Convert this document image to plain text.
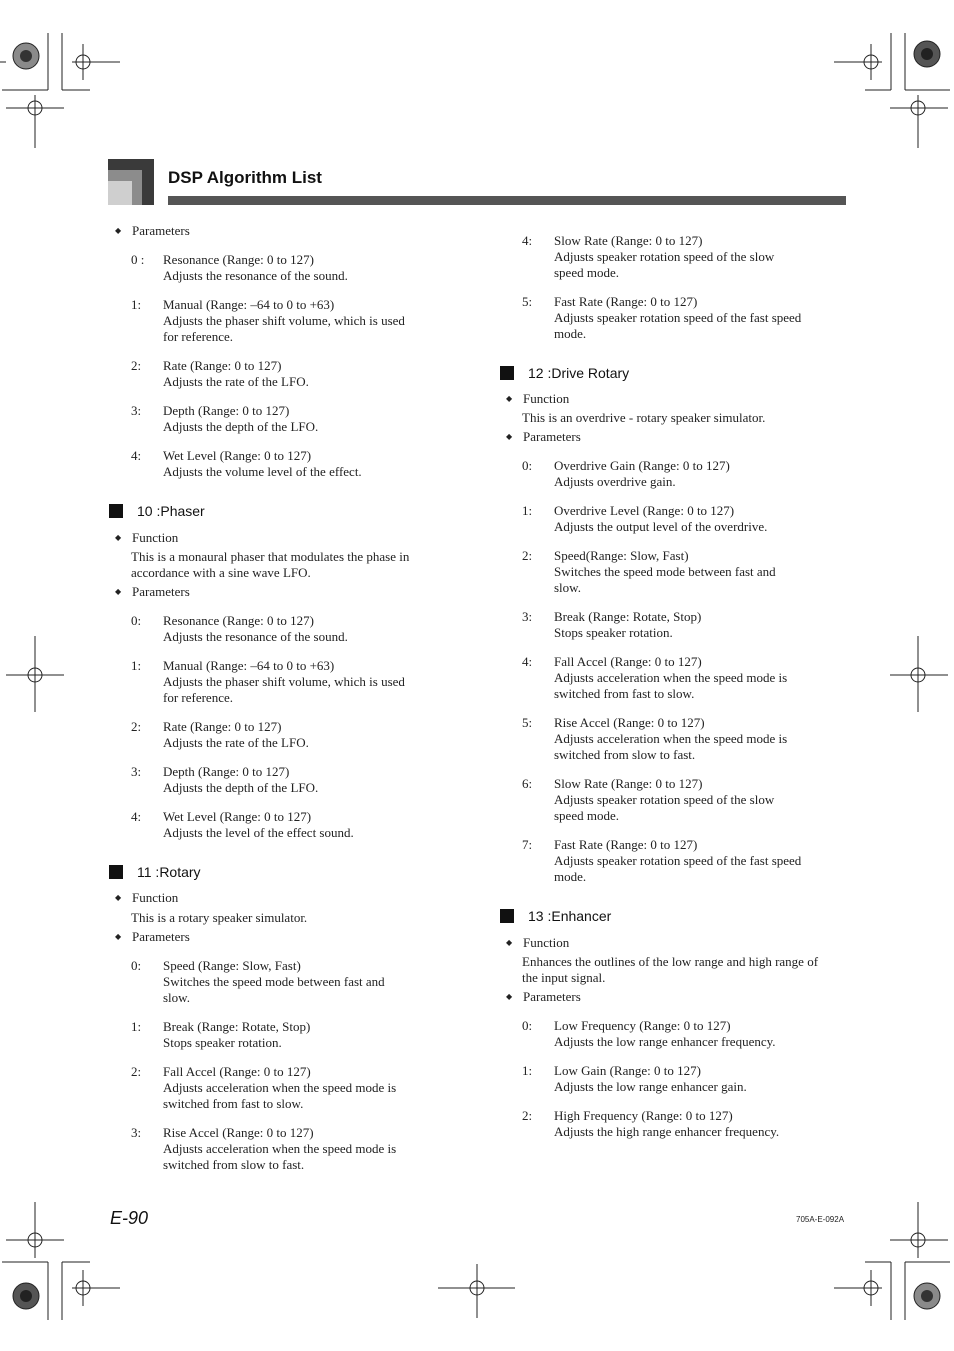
DSP Algorithm List
◆ Parameters
0 : Resonance (Range: 0 to 127)
Adjusts the resonance of the sound.
1: Manual (Range: –64 to 0 to +63)
Adjusts the phaser shift volume, which is used
for reference.
2: Rate (Range: 0 to 127)
Adjusts the rate of the LFO.
3: Depth (Range: 0 to 127)
Adjusts the depth of the LFO.
4: Wet Level (Range: 0 to 127)
Adjusts the volume level of the effect.
10 :Phaser
◆ Function
This is a monaural phaser that modulates the phase in
accordance with a sine wave LFO.
◆ Parameters
0: Resonance (Range: 0 to 127)
Adjusts the resonance of the sound.
1: Manual (Range: –64 to 0 to +63)
Adjusts the phaser shift volume, which is used
for reference.
2: Rate (Range: 0 to 127)
Adjusts the rate of the LFO.
3: Depth (Range: 0 to 127)
Adjusts the depth of the LFO.
4: Wet Level (Range: 0 to 127)
Adjusts the level of the effect sound.
11 :Rotary
◆ Function
This is a rotary speaker simulator.
◆ Parameters
0: Speed (Range: Slow, Fast)
Switches the speed mode between fast and
slow.
1: Break (Range: Rotate, Stop)
Stops speaker rotation.
2: Fall Accel (Range: 0 to 127)
Adjusts acceleration when the speed mode is
switched from fast to slow.
3: Rise Accel (Range: 0 to 127)
Adjusts acceleration when the speed mode is
switched from slow to fast.
4: Slow Rate (Range: 0 to 127)
Adjusts speaker rotation speed of the slow
speed mode.
5: Fast Rate (Range: 0 to 127)
Adjusts speaker rotation speed of the fast speed
mode.
12 :Drive Rotary
◆ Function
This is an overdrive - rotary speaker simulator.
◆ Parameters
0: Overdrive Gain (Range: 0 to 127)
Adjusts overdrive gain.
1: Overdrive Level (Range: 0 to 127)
Adjusts the output level of the overdrive.
2: Speed(Range: Slow, Fast)
Switches the speed mode between fast and
slow.
3: Break (Range: Rotate, Stop)
Stops speaker rotation.
4: Fall Accel (Range: 0 to 127)
Adjusts acceleration when the speed mode is
switched from fast to slow.
5: Rise Accel (Range: 0 to 127)
Adjusts acceleration when the speed mode is
switched from slow to fast.
6: Slow Rate (Range: 0 to 127)
Adjusts speaker rotation speed of the slow
speed mode.
7: Fast Rate (Range: 0 to 127)
Adjusts speaker rotation speed of the fast speed
mode.
13 :Enhancer
◆ Function
Enhances the outlines of the low range and high range of
the input signal.
◆ Parameters
0: Low Frequency (Range: 0 to 127)
Adjusts the low range enhancer frequency.
1: Low Gain (Range: 0 to 127)
Adjusts the low range enhancer gain.
2: High Frequency (Range: 0 to 127)
Adjusts the high range enhancer frequency.
E-90	705A-E-092A
